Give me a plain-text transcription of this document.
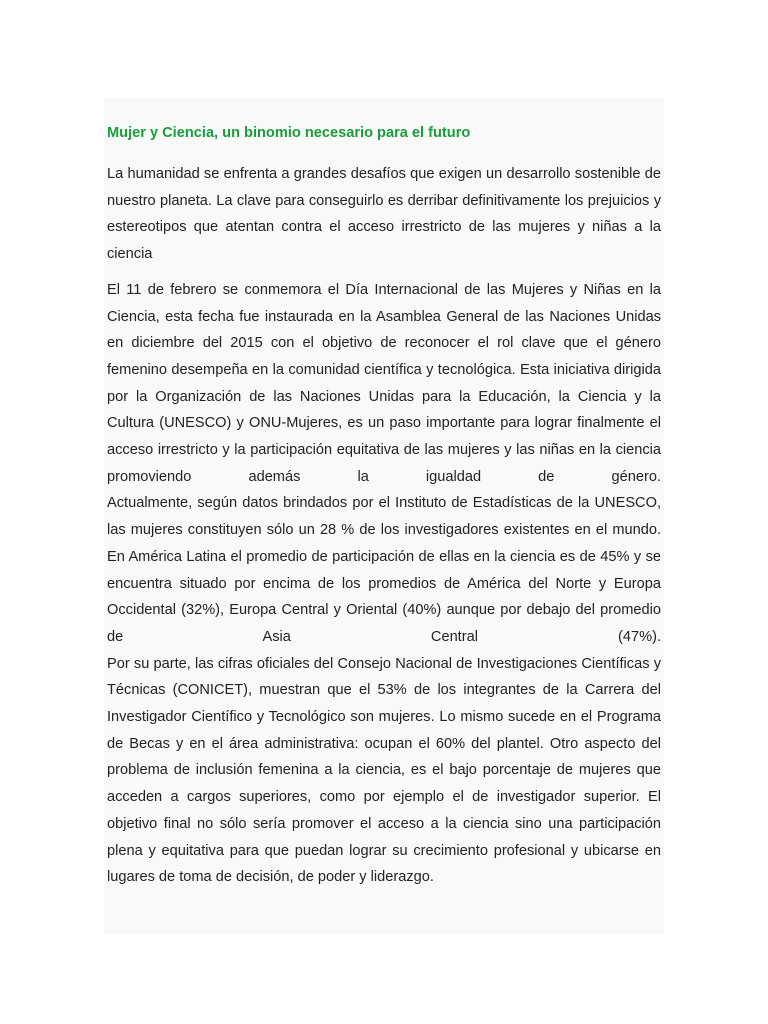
Mujer y Ciencia, un binomio necesario para el futuro

La humanidad se enfrenta a grandes desafíos que exigen un desarrollo sostenible de nuestro planeta. La clave para conseguirlo es derribar definitivamente los prejuicios y estereotipos que atentan contra el acceso irrestricto de las mujeres y niñas a la ciencia

El 11 de febrero se conmemora el Día Internacional de las Mujeres y Niñas en la Ciencia, esta fecha fue instaurada en la Asamblea General de las Naciones Unidas en diciembre del 2015 con el objetivo de reconocer el rol clave que el género femenino desempeña en la comunidad científica y tecnológica. Esta iniciativa dirigida por la Organización de las Naciones Unidas para la Educación, la Ciencia y la Cultura (UNESCO) y ONU-Mujeres, es un paso importante para lograr finalmente el acceso irrestricto y la participación equitativa de las mujeres y las niñas en la ciencia promoviendo además la igualdad de género.
Actualmente, según datos brindados por el Instituto de Estadísticas de la UNESCO, las mujeres constituyen sólo un 28 % de los investigadores existentes en el mundo. En América Latina el promedio de participación de ellas en la ciencia es de 45% y se encuentra situado por encima de los promedios de América del Norte y Europa Occidental (32%), Europa Central y Oriental (40%) aunque por debajo del promedio de Asia Central (47%).
Por su parte, las cifras oficiales del Consejo Nacional de Investigaciones Científicas y Técnicas (CONICET), muestran que el 53% de los integrantes de la Carrera del Investigador Científico y Tecnológico son mujeres. Lo mismo sucede en el Programa de Becas y en el área administrativa: ocupan el 60% del plantel. Otro aspecto del problema de inclusión femenina a la ciencia, es el bajo porcentaje de mujeres que acceden a cargos superiores, como por ejemplo el de investigador superior. El objetivo final no sólo sería promover el acceso a la ciencia sino una participación plena y equitativa para que puedan lograr su crecimiento profesional y ubicarse en lugares de toma de decisión, de poder y liderazgo.
